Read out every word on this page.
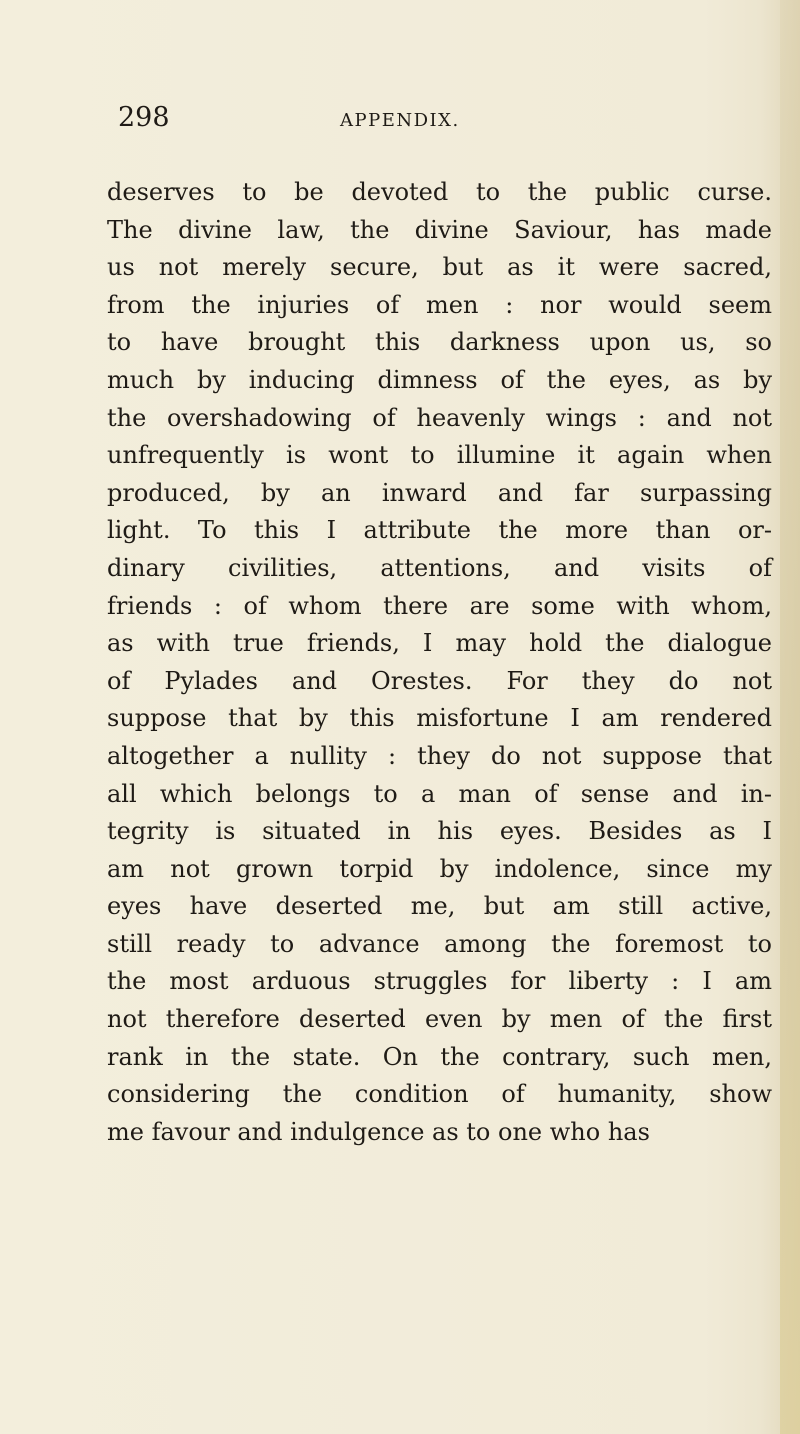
298	APPENDIX.
deserves to be devoted to the public curse.
The divine law, the divine Saviour, has made
us not merely secure, but as it were sacred,
from the injuries of men : nor would seem
to have brought this darkness upon us, so
much by inducing dimness of the eyes, as by
the overshadowing of heavenly wings : and not
unfrequently is wont to illumine it again when
produced, by an inward and far surpassing
light. To this I attribute the more than or-
dinary civilities, attentions, and visits of
friends : of whom there are some with whom,
as with true friends, I may hold the dialogue
of Pylades and Orestes. For they do not
suppose that by this misfortune I am rendered
altogether a nullity : they do not suppose that
all which belongs to a man of sense and in-
tegrity is situated in his eyes. Besides as I
am not grown torpid by indolence, since my
eyes have deserted me, but am still active,
still ready to advance among the foremost to
the most arduous struggles for liberty : I am
not therefore deserted even by men of the first
rank in the state. On the contrary, such men,
considering the condition of humanity, show
me favour and indulgence as to one who has
